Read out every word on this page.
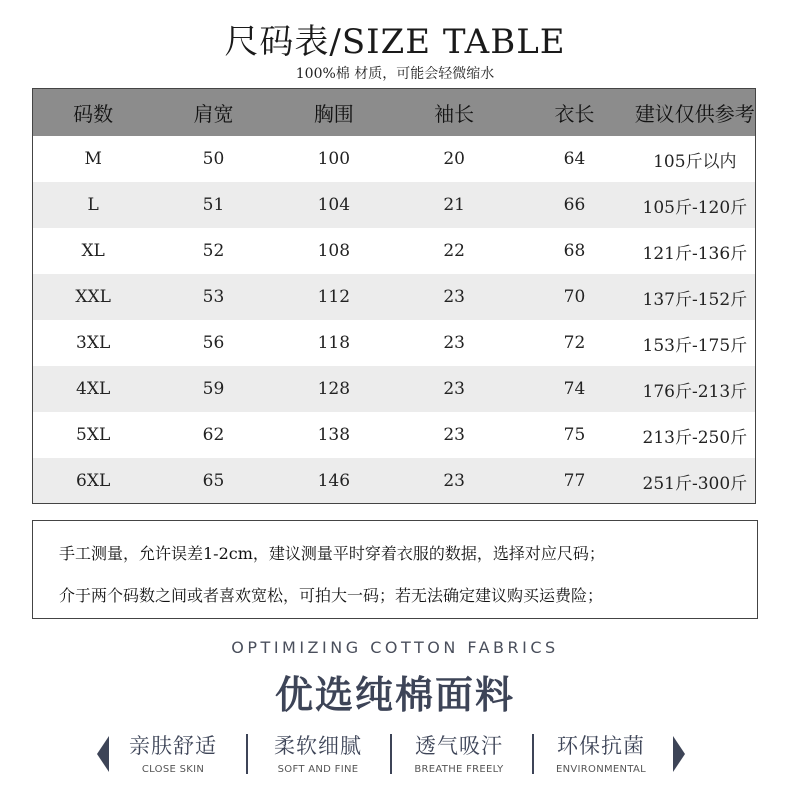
尺码表/SIZE TABLE
100%棉 材质，可能会轻微缩水
码数	肩宽	胸围	袖长	衣长	建议仅供参考
M	50	100	20	64	105斤以内
L	51	104	21	66	105斤-120斤
XL	52	108	22	68	121斤-136斤
XXL	53	112	23	70	137斤-152斤
3XL	56	118	23	72	153斤-175斤
4XL	59	128	23	74	176斤-213斤
5XL	62	138	23	75	213斤-250斤
6XL	65	146	23	77	251斤-300斤
手工测量，允许误差1-2cm，建议测量平时穿着衣服的数据，选择对应尺码；
介于两个码数之间或者喜欢宽松，可拍大一码；若无法确定建议购买运费险；
OPTIMIZING COTTON FABRICS
优选纯棉面料
亲肤舒适
CLOSE SKIN
柔软细腻
SOFT AND FINE
透气吸汗
BREATHE FREELY
环保抗菌
ENVIRONMENTAL
